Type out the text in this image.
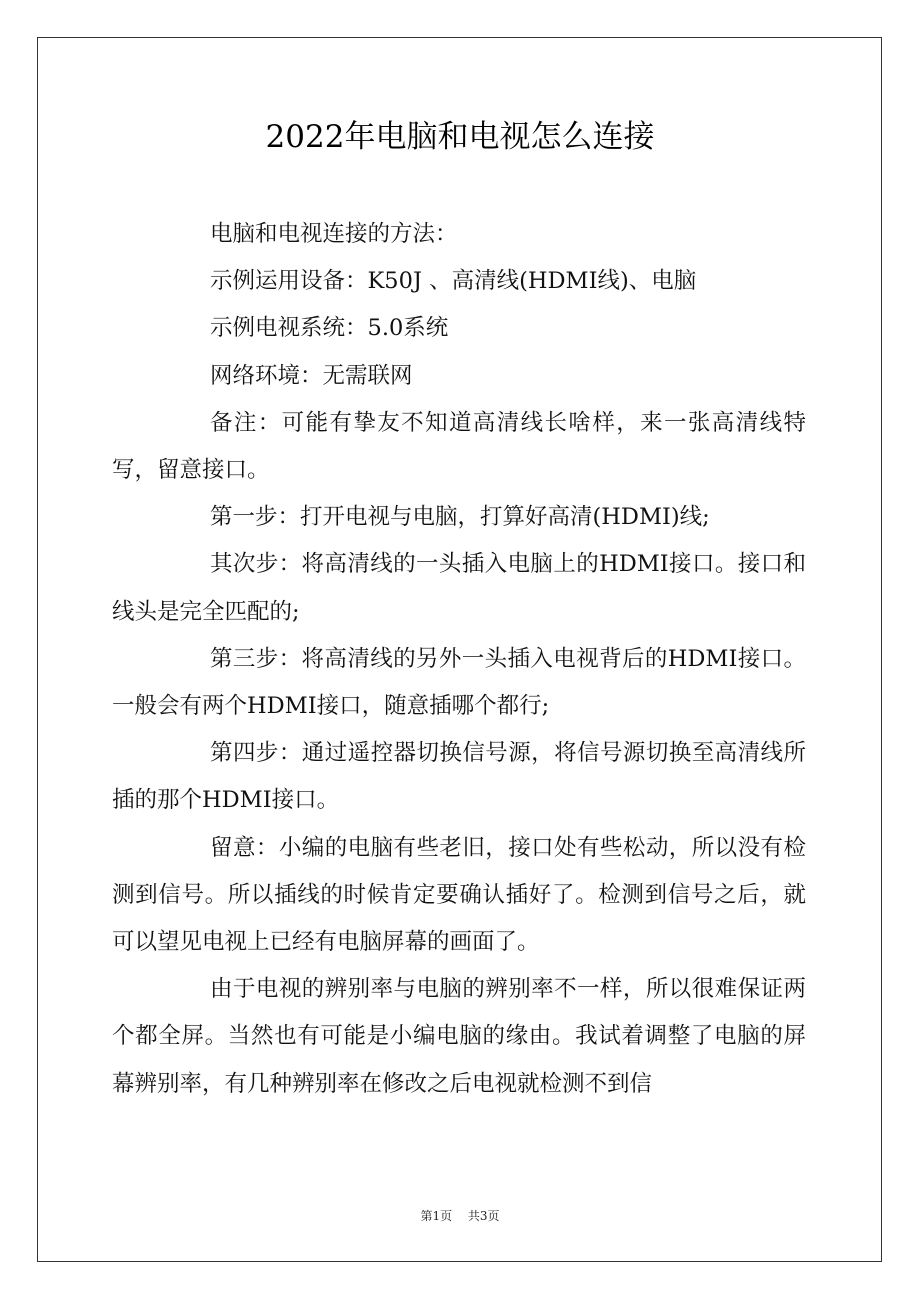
2022年电脑和电视怎么连接

电脑和电视连接的方法：

示例运用设备：K50J 、高清线(HDMI线)、电脑

示例电视系统：5.0系统

网络环境：无需联网

备注：可能有挚友不知道高清线长啥样，来一张高清线特写，留意接口。

第一步：打开电视与电脑，打算好高清(HDMI)线;

其次步：将高清线的一头插入电脑上的HDMI接口。接口和线头是完全匹配的;

第三步：将高清线的另外一头插入电视背后的HDMI接口。一般会有两个HDMI接口，随意插哪个都行;

第四步：通过遥控器切换信号源，将信号源切换至高清线所插的那个HDMI接口。

留意：小编的电脑有些老旧，接口处有些松动，所以没有检测到信号。所以插线的时候肯定要确认插好了。检测到信号之后，就可以望见电视上已经有电脑屏幕的画面了。

由于电视的辨别率与电脑的辨别率不一样，所以很难保证两个都全屏。当然也有可能是小编电脑的缘由。我试着调整了电脑的屏幕辨别率，有几种辨别率在修改之后电视就检测不到信

第1页 共3页
